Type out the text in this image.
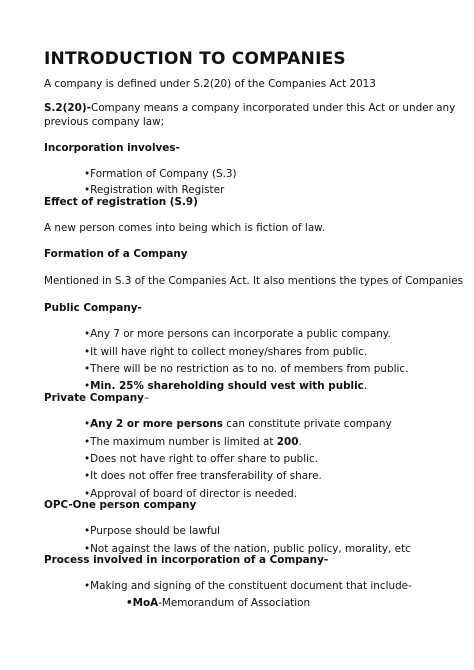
INTRODUCTION TO COMPANIES
A company is defined under S.2(20) of the Companies Act 2013
S.2(20)-Company means a company incorporated under this Act or under any
previous company law;
Incorporation involves-
•Formation of Company (S.3)
•Registration with Register
Effect of registration (S.9)
A new person comes into being which is fiction of law.
Formation of a Company
Mentioned in S.3 of the Companies Act. It also mentions the types of Companies
Public Company-
•Any 7 or more persons can incorporate a public company.
•It will have right to collect money/shares from public.
•There will be no restriction as to no. of members from public.
•Min. 25% shareholding should vest with public.
Private Company–
•Any 2 or more persons can constitute private company
•The maximum number is limited at 200.
•Does not have right to offer share to public.
•It does not offer free transferability of share.
•Approval of board of director is needed.
OPC-One person company
•Purpose should be lawful
•Not against the laws of the nation, public policy, morality, etc
Process involved in incorporation of a Company-
•Making and signing of the constituent document that include-
•MoA-Memorandum of Association
